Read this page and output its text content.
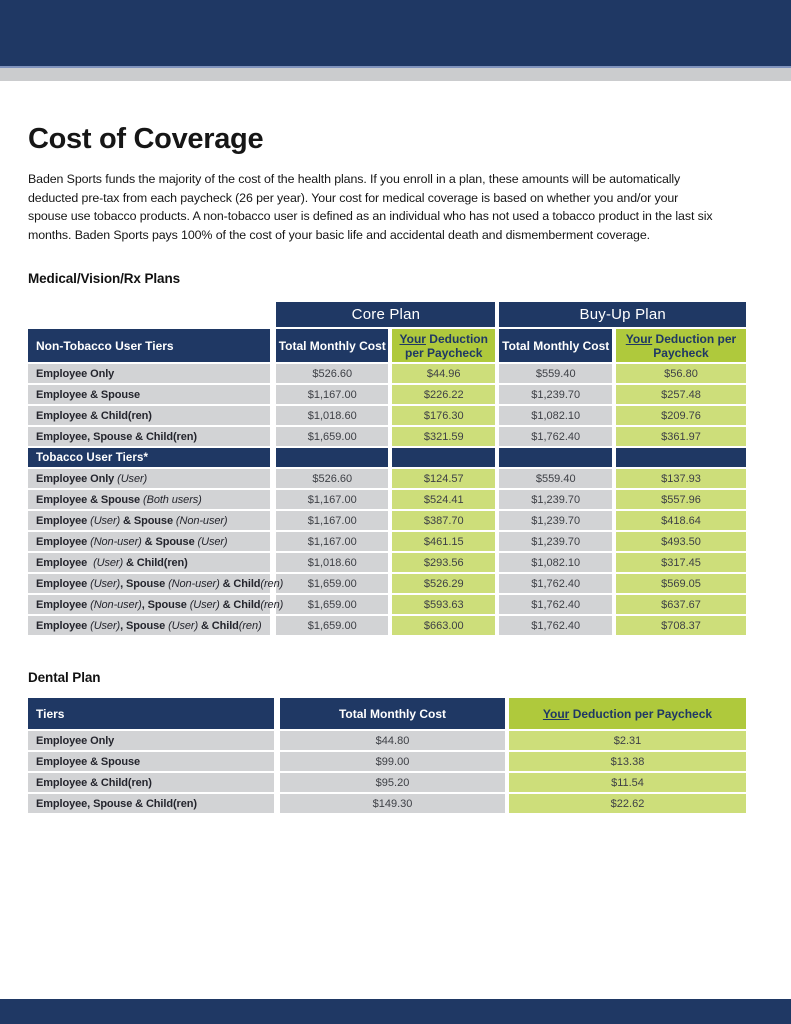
Cost of Coverage
Baden Sports funds the majority of the cost of the health plans. If you enroll in a plan, these amounts will be automatically
deducted pre-tax from each paycheck (26 per year). Your cost for medical coverage is based on whether you and/or your
spouse use tobacco products. A non-tobacco user is defined as an individual who has not used a tobacco product in the last six
months. Baden Sports pays 100% of the cost of your basic life and accidental death and dismemberment coverage.
Medical/Vision/Rx Plans
	Core Plan		Buy-Up Plan	
Non-Tobacco User Tiers	Total Monthly Cost	Your Deduction per Paycheck	Total Monthly Cost	Your Deduction per Paycheck
Employee Only	$526.60	$44.96	$559.40	$56.80
Employee & Spouse	$1,167.00	$226.22	$1,239.70	$257.48
Employee & Child(ren)	$1,018.60	$176.30	$1,082.10	$209.76
Employee, Spouse & Child(ren)	$1,659.00	$321.59	$1,762.40	$361.97
Tobacco User Tiers*				
Employee Only (User)	$526.60	$124.57	$559.40	$137.93
Employee & Spouse (Both users)	$1,167.00	$524.41	$1,239.70	$557.96
Employee (User) & Spouse (Non-user)	$1,167.00	$387.70	$1,239.70	$418.64
Employee (Non-user) & Spouse (User)	$1,167.00	$461.15	$1,239.70	$493.50
Employee  (User) & Child(ren)	$1,018.60	$293.56	$1,082.10	$317.45
Employee (User), Spouse (Non-user) & Child(ren)	$1,659.00	$526.29	$1,762.40	$569.05
Employee (Non-user), Spouse (User) & Child(ren)	$1,659.00	$593.63	$1,762.40	$637.67
Employee (User), Spouse (User) & Child(ren)	$1,659.00	$663.00	$1,762.40	$708.37
Dental Plan
Tiers	Total Monthly Cost	Your Deduction per Paycheck
Employee Only	$44.80	$2.31
Employee & Spouse	$99.00	$13.38
Employee & Child(ren)	$95.20	$11.54
Employee, Spouse & Child(ren)	$149.30	$22.62
